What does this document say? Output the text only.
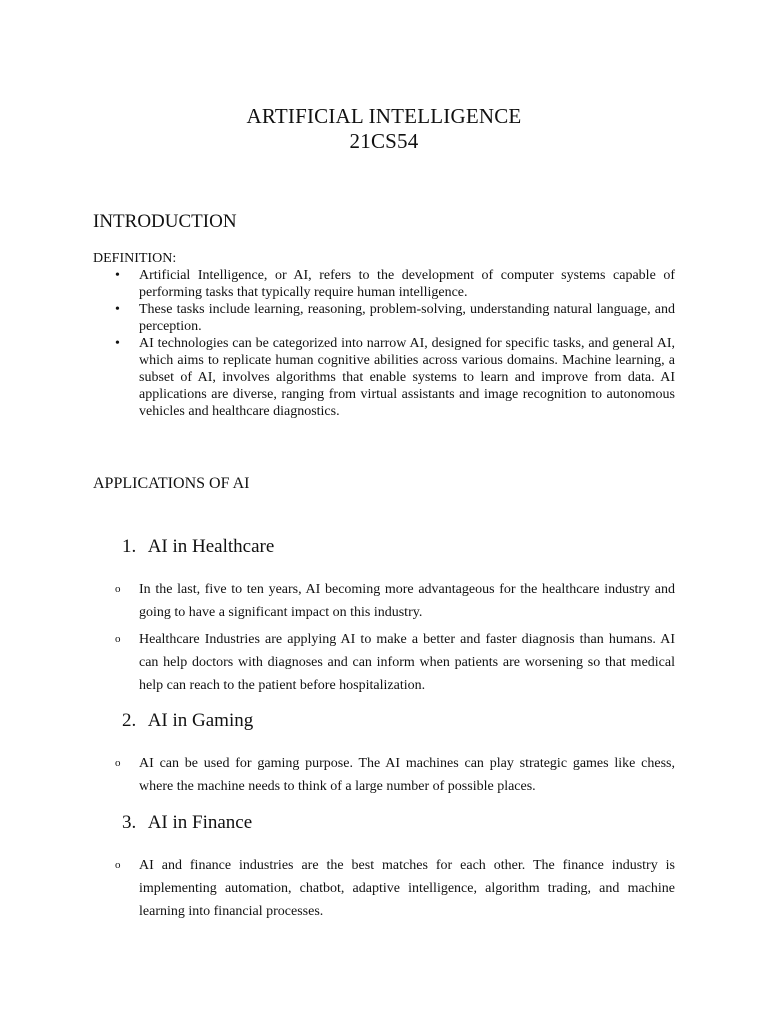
ARTIFICIAL INTELLIGENCE
21CS54
INTRODUCTION
DEFINITION:
• Artificial Intelligence, or AI, refers to the development of computer systems capable of performing tasks that typically require human intelligence.
• These tasks include learning, reasoning, problem-solving, understanding natural language, and perception.
• AI technologies can be categorized into narrow AI, designed for specific tasks, and general AI, which aims to replicate human cognitive abilities across various domains. Machine learning, a subset of AI, involves algorithms that enable systems to learn and improve from data. AI applications are diverse, ranging from virtual assistants and image recognition to autonomous vehicles and healthcare diagnostics.
APPLICATIONS OF AI
1. AI in Healthcare
o In the last, five to ten years, AI becoming more advantageous for the healthcare industry and going to have a significant impact on this industry.
o Healthcare Industries are applying AI to make a better and faster diagnosis than humans. AI can help doctors with diagnoses and can inform when patients are worsening so that medical help can reach to the patient before hospitalization.
2. AI in Gaming
o AI can be used for gaming purpose. The AI machines can play strategic games like chess, where the machine needs to think of a large number of possible places.
3. AI in Finance
o AI and finance industries are the best matches for each other. The finance industry is implementing automation, chatbot, adaptive intelligence, algorithm trading, and machine learning into financial processes.
